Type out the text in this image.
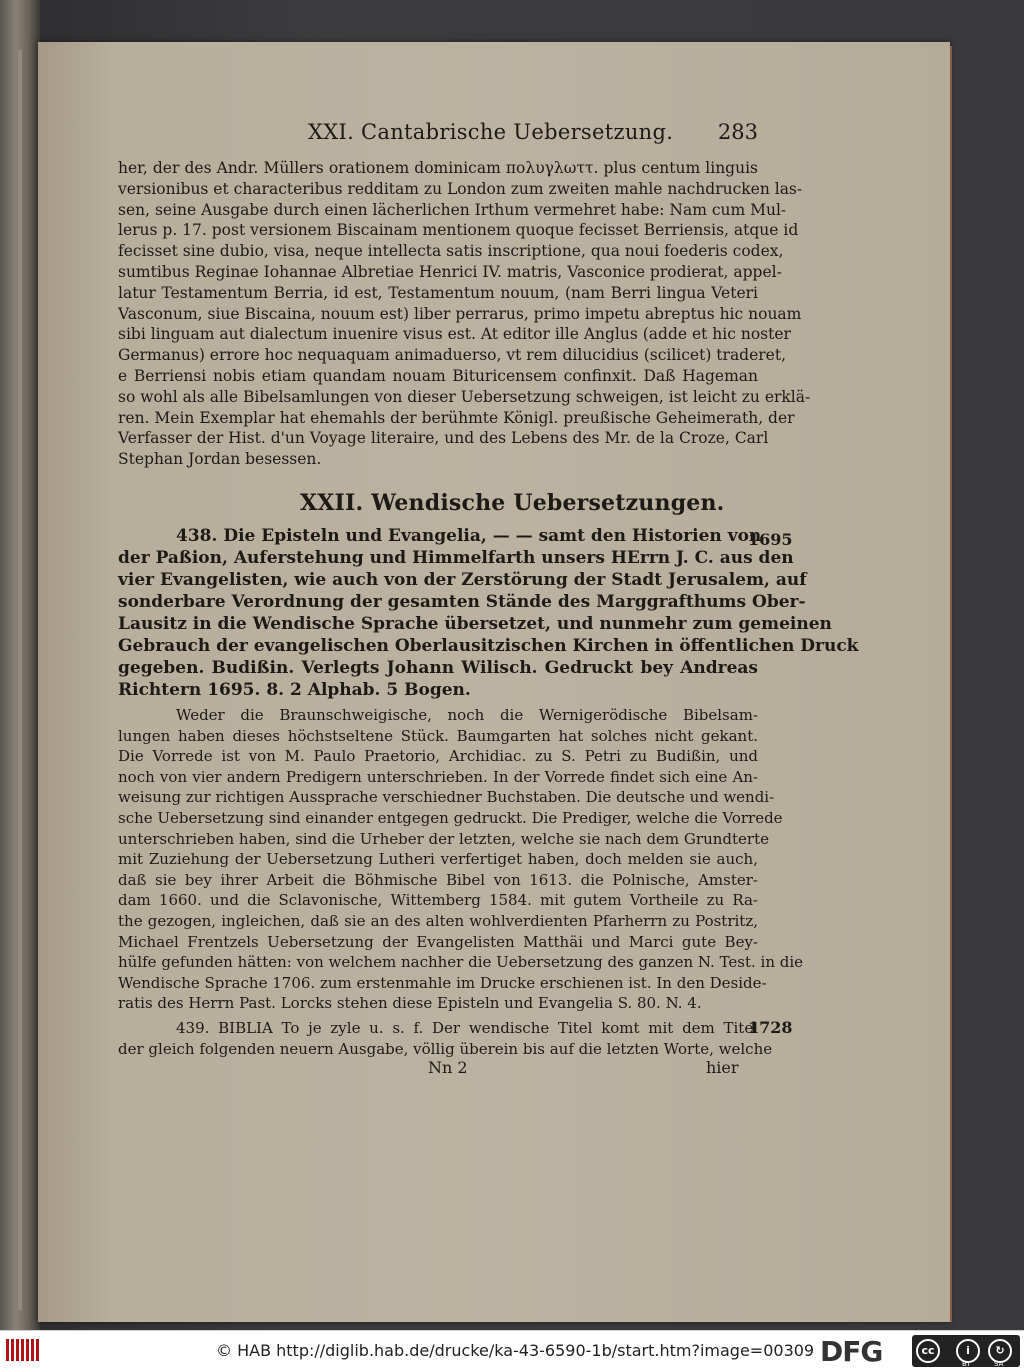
XXI. Cantabrische Uebersetzung. 283
her, der des Andr. Müllers orationem dominicam πολυγλωττ. plus centum linguis
versionibus et characteribus redditam zu London zum zweiten mahle nachdrucken las-
sen, seine Ausgabe durch einen lächerlichen Irthum vermehret habe: Nam cum Mul-
lerus p. 17. post versionem Biscainam mentionem quoque fecisset Berriensis, atque id
fecisset sine dubio, visa, neque intellecta satis inscriptione, qua noui foederis codex,
sumtibus Reginae Iohannae Albretiae Henrici IV. matris, Vasconice prodierat, appel-
latur Testamentum Berria, id est, Testamentum nouum, (nam Berri lingua Veteri
Vasconum, siue Biscaina, nouum est) liber perrarus, primo impetu abreptus hic nouam
sibi linguam aut dialectum inuenire visus est. At editor ille Anglus (adde et hic noster
Germanus) errore hoc nequaquam animaduerso, vt rem dilucidius (scilicet) traderet,
e Berriensi nobis etiam quandam nouam Bituricensem confinxit. Daß Hageman
so wohl als alle Bibelsamlungen von dieser Uebersetzung schweigen, ist leicht zu erklä-
ren. Mein Exemplar hat ehemahls der berühmte Königl. preußische Geheimerath, der
Verfasser der Hist. d'un Voyage literaire, und des Lebens des Mr. de la Croze, Carl
Stephan Jordan besessen.
XXII. Wendische Uebersetzungen.
438. Die Episteln und Evangelia, — — samt den Historien von
der Paßion, Auferstehung und Himmelfarth unsers HErrn J. C. aus den
vier Evangelisten, wie auch von der Zerstörung der Stadt Jerusalem, auf
sonderbare Verordnung der gesamten Stände des Marggrafthums Ober-
Lausitz in die Wendische Sprache übersetzet, und nunmehr zum gemeinen
Gebrauch der evangelischen Oberlausitzischen Kirchen in öffentlichen Druck
gegeben. Budißin. Verlegts Johann Wilisch. Gedruckt bey Andreas
Richtern 1695. 8. 2 Alphab. 5 Bogen.
1695
Weder die Braunschweigische, noch die Wernigerödische Bibelsam-
lungen haben dieses höchstseltene Stück. Baumgarten hat solches nicht gekant.
Die Vorrede ist von M. Paulo Praetorio, Archidiac. zu S. Petri zu Budißin, und
noch von vier andern Predigern unterschrieben. In der Vorrede findet sich eine An-
weisung zur richtigen Aussprache verschiedner Buchstaben. Die deutsche und wendi-
sche Uebersetzung sind einander entgegen gedruckt. Die Prediger, welche die Vorrede
unterschrieben haben, sind die Urheber der letzten, welche sie nach dem Grundterte
mit Zuziehung der Uebersetzung Lutheri verfertiget haben, doch melden sie auch,
daß sie bey ihrer Arbeit die Böhmische Bibel von 1613. die Polnische, Amster-
dam 1660. und die Sclavonische, Wittemberg 1584. mit gutem Vortheile zu Ra-
the gezogen, ingleichen, daß sie an des alten wohlverdienten Pfarherrn zu Postritz,
Michael Frentzels Uebersetzung der Evangelisten Matthäi und Marci gute Bey-
hülfe gefunden hätten: von welchem nachher die Uebersetzung des ganzen N. Test. in die
Wendische Sprache 1706. zum erstenmahle im Drucke erschienen ist. In den Deside-
ratis des Herrn Past. Lorcks stehen diese Episteln und Evangelia S. 80. N. 4.
439. BIBLIA To je zyle u. s. f. Der wendische Titel komt mit dem Titel
der gleich folgenden neuern Ausgabe, völlig überein bis auf die letzten Worte, welche
1728
Nn 2	hier
© HAB http://diglib.hab.de/drucke/ka-43-6590-1b/start.htm?image=00309 DFG	cc	i	↻
BY	SA
